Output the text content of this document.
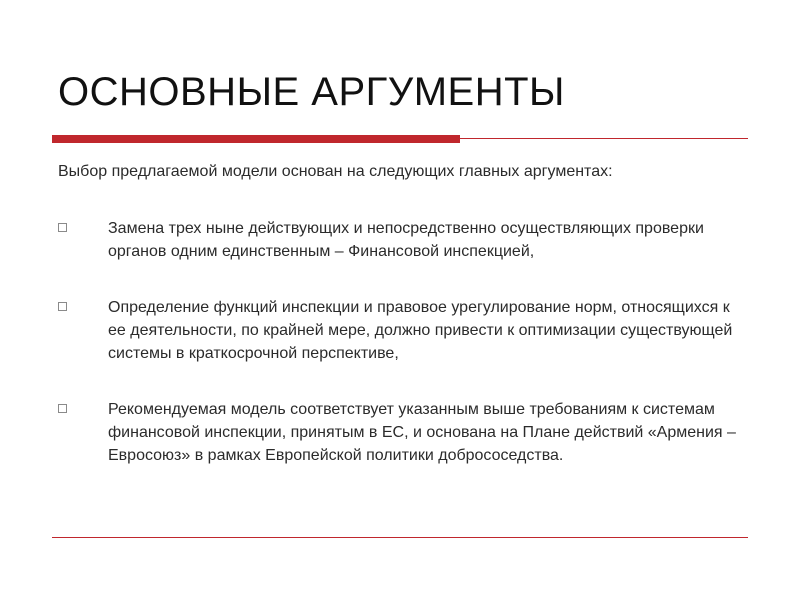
ОСНОВНЫЕ АРГУМЕНТЫ

Выбор предлагаемой модели основан на следующих главных аргументах:

Замена трех ныне действующих и непосредственно осуществляющих проверки органов одним единственным – Финансовой инспекцией,
Определение функций инспекции и правовое урегулирование норм, относящихся к ее деятельности, по крайней мере, должно привести к оптимизации существующей системы в краткосрочной перспективе,
Рекомендуемая модель соответствует указанным выше требованиям к системам финансовой инспекции, принятым в ЕС, и основана на Плане действий «Армения – Евросоюз» в рамках Европейской политики добрососедства.
